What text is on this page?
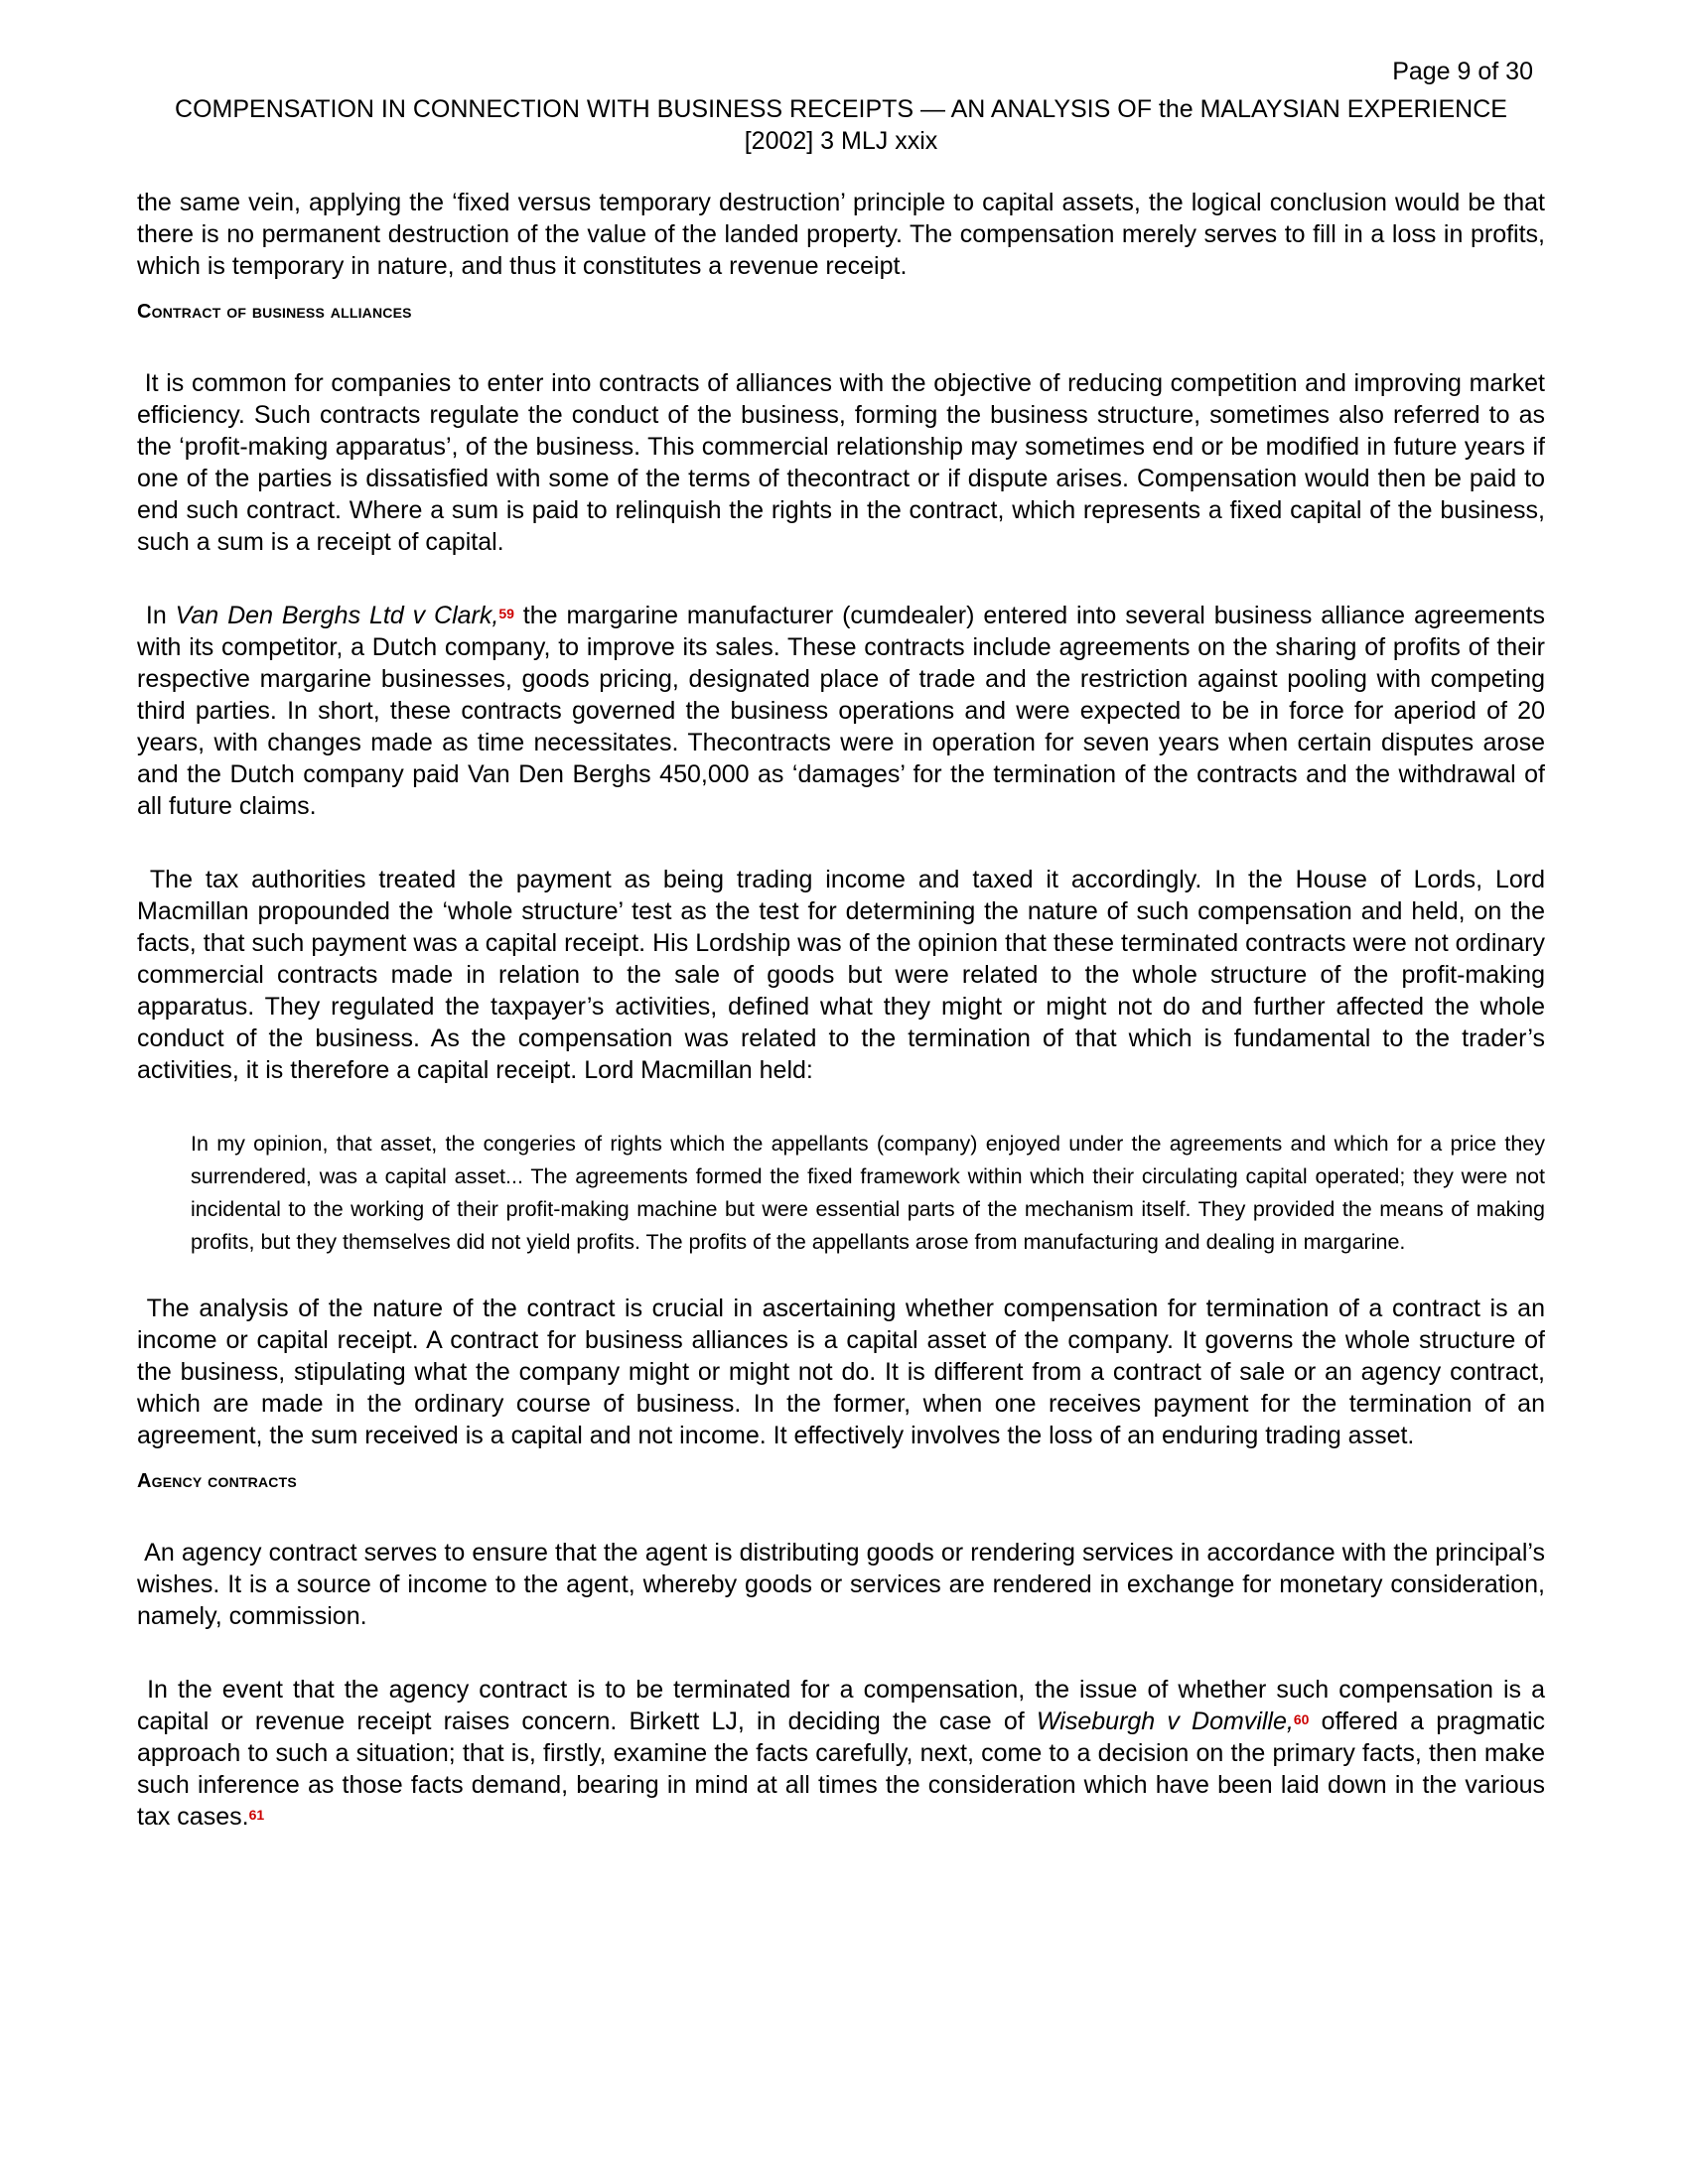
Page 9 of 30
COMPENSATION IN CONNECTION WITH BUSINESS RECEIPTS — AN ANALYSIS OF the MALAYSIAN EXPERIENCE [2002] 3 MLJ xxix

the same vein, applying the ‘fixed versus temporary destruction’ principle to capital assets, the logical conclusion would be that there is no permanent destruction of the value of the landed property. The compensation merely serves to fill in a loss in profits, which is temporary in nature, and thus it constitutes a revenue receipt.

Contract of business alliances

It is common for companies to enter into contracts of alliances with the objective of reducing competition and improving market efficiency. Such contracts regulate the conduct of the business, forming the business structure, sometimes also referred to as the ‘profit-making apparatus’, of the business. This commercial relationship may sometimes end or be modified in future years if one of the parties is dissatisfied with some of the terms of thecontract or if dispute arises. Compensation would then be paid to end such contract. Where a sum is paid to relinquish the rights in the contract, which represents a fixed capital of the business, such a sum is a receipt of capital.

In Van Den Berghs Ltd v Clark,$^{59}$ the margarine manufacturer (cumdealer) entered into several business alliance agreements with its competitor, a Dutch company, to improve its sales. These contracts include agreements on the sharing of profits of their respective margarine businesses, goods pricing, designated place of trade and the restriction against pooling with competing third parties. In short, these contracts governed the business operations and were expected to be in force for aperiod of 20 years, with changes made as time necessitates. Thecontracts were in operation for seven years when certain disputes arose and the Dutch company paid Van Den Berghs 450,000 as ‘damages’ for the termination of the contracts and the withdrawal of all future claims.

The tax authorities treated the payment as being trading income and taxed it accordingly. In the House of Lords, Lord Macmillan propounded the ‘whole structure’ test as the test for determining the nature of such compensation and held, on the facts, that such payment was a capital receipt. His Lordship was of the opinion that these terminated contracts were not ordinary commercial contracts made in relation to the sale of goods but were related to the whole structure of the profit-making apparatus. They regulated the taxpayer’s activities, defined what they might or might not do and further affected the whole conduct of the business. As the compensation was related to the termination of that which is fundamental to the trader’s activities, it is therefore a capital receipt. Lord Macmillan held:

In my opinion, that asset, the congeries of rights which the appellants (company) enjoyed under the agreements and which for a price they surrendered, was a capital asset... The agreements formed the fixed framework within which their circulating capital operated; they were not incidental to the working of their profit-making machine but were essential parts of the mechanism itself. They provided the means of making profits, but they themselves did not yield profits. The profits of the appellants arose from manufacturing and dealing in margarine.

The analysis of the nature of the contract is crucial in ascertaining whether compensation for termination of a contract is an income or capital receipt. A contract for business alliances is a capital asset of the company. It governs the whole structure of the business, stipulating what the company might or might not do. It is different from a contract of sale or an agency contract, which are made in the ordinary course of business. In the former, when one receives payment for the termination of an agreement, the sum received is a capital and not income. It effectively involves the loss of an enduring trading asset.

Agency contracts

An agency contract serves to ensure that the agent is distributing goods or rendering services in accordance with the principal’s wishes. It is a source of income to the agent, whereby goods or services are rendered in exchange for monetary consideration, namely, commission.

In the event that the agency contract is to be terminated for a compensation, the issue of whether such compensation is a capital or revenue receipt raises concern. Birkett LJ, in deciding the case of Wiseburgh v Domville,$^{60}$ offered a pragmatic approach to such a situation; that is, firstly, examine the facts carefully, next, come to a decision on the primary facts, then make such inference as those facts demand, bearing in mind at all times the consideration which have been laid down in the various tax cases.$^{61}$
